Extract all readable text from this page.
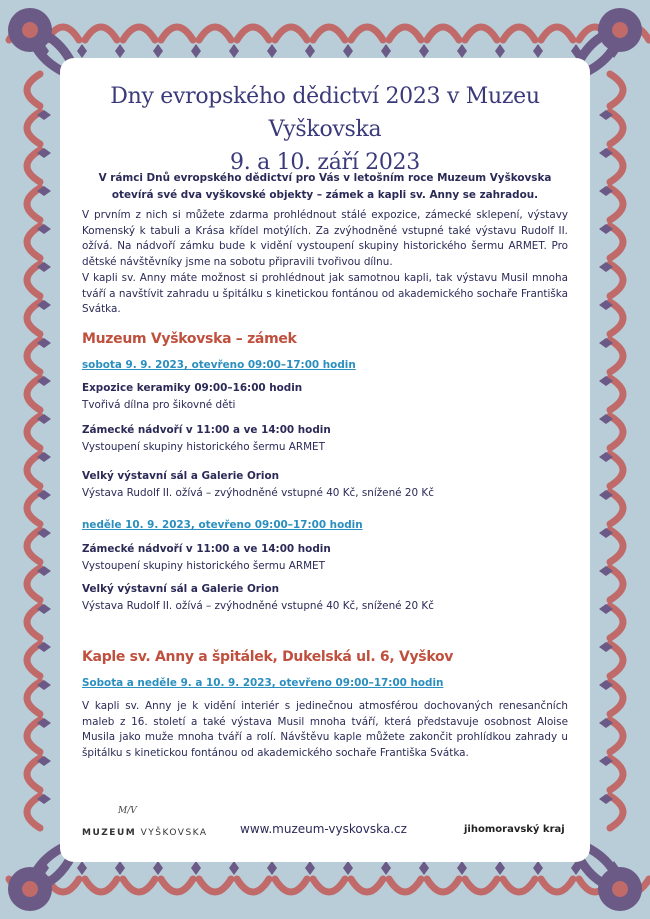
Dny evropského dědictví 2023 v Muzeu Vyškovska
9. a 10. září 2023
V rámci Dnů evropského dědictví pro Vás v letošním roce Muzeum Vyškovska otevírá své dva vyškovské objekty – zámek a kapli sv. Anny se zahradou.

V prvním z nich si můžete zdarma prohlédnout stálé expozice, zámecké sklepení, výstavy Komenský k tabuli a Krása křídel motýlích. Za zvýhodněné vstupné také výstavu Rudolf II. ožívá. Na nádvoří zámku bude k vidění vystoupení skupiny historického šermu ARMET. Pro dětské návštěvníky jsme na sobotu připravili tvořivou dílnu.

V kapli sv. Anny máte možnost si prohlédnout jak samotnou kapli, tak výstavu Musil mnoha tváří a navštívit zahradu u špitálku s kinetickou fontánou od akademického sochaře Františka Svátka.

Muzeum Vyškovska – zámek
sobota 9. 9. 2023, otevřeno 09:00–17:00 hodin
Expozice keramiky 09:00–16:00 hodin
Tvořivá dílna pro šikovné děti
Zámecké nádvoří v 11:00 a ve 14:00 hodin
Vystoupení skupiny historického šermu ARMET
Velký výstavní sál a Galerie Orion
Výstava Rudolf II. ožívá – zvýhodněné vstupné 40 Kč, snížené 20 Kč
neděle 10. 9. 2023, otevřeno 09:00–17:00 hodin
Zámecké nádvoří v 11:00 a ve 14:00 hodin
Vystoupení skupiny historického šermu ARMET
Velký výstavní sál a Galerie Orion
Výstava Rudolf II. ožívá – zvýhodněné vstupné 40 Kč, snížené 20 Kč
Kaple sv. Anny a špitálek, Dukelská ul. 6, Vyškov
Sobota a neděle 9. a 10. 9. 2023, otevřeno 09:00–17:00 hodin

V kapli sv. Anny je k vidění interiér s jedinečnou atmosférou dochovaných renesančních maleb z 16. století a také výstava Musil mnoha tváří, která představuje osobnost Aloise Musila jako muže mnoha tváří a rolí. Návštěvu kaple můžete zakončit prohlídkou zahrady u špitálku s kinetickou fontánou od akademického sochaře Františka Svátka.

M/V
MUZEUM VYŠKOVSKA	www.muzeum-vyskovska.cz	jihomoravský kraj
